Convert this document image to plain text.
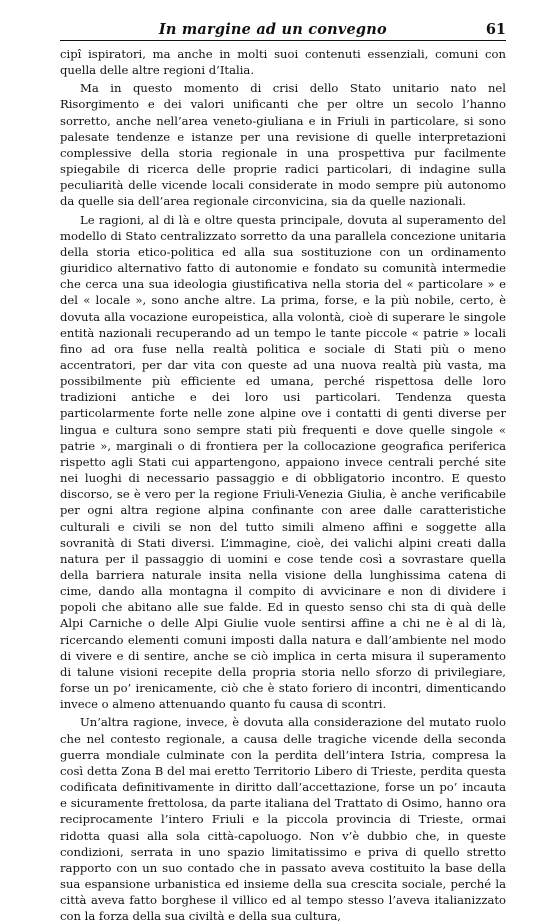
In margine ad un convegno	61

cipî ispiratori, ma anche in molti suoi contenuti essenziali, comuni con quella delle altre regioni d’Italia.

Ma in questo momento di crisi dello Stato unitario nato nel Risorgimento e dei valori unificanti che per oltre un secolo l’hanno sorretto, anche nell’area veneto-giuliana e in Friuli in particolare, si sono palesate tendenze e istanze per una revisione di quelle interpretazioni complessive della storia regionale in una prospettiva pur facilmente spiegabile di ricerca delle proprie radici particolari, di indagine sulla peculiarità delle vicende locali considerate in modo sempre più autonomo da quelle sia dell’area regionale circonvicina, sia da quelle nazionali.

Le ragioni, al di là e oltre questa principale, dovuta al superamento del modello di Stato centralizzato sorretto da una parallela concezione unitaria della storia etico-politica ed alla sua sostituzione con un ordinamento giuridico alternativo fatto di autonomie e fondato su comunità intermedie che cerca una sua ideologia giustificativa nella storia del « particolare » e del « locale », sono anche altre. La prima, forse, e la più nobile, certo, è dovuta alla vocazione europeistica, alla volontà, cioè di superare le singole entità nazionali recuperando ad un tempo le tante piccole « patrie » locali fino ad ora fuse nella realtà politica e sociale di Stati più o meno accentratori, per dar vita con queste ad una nuova realtà più vasta, ma possibilmente più efficiente ed umana, perché rispettosa delle loro tradizioni antiche e dei loro usi particolari. Tendenza questa particolarmente forte nelle zone alpine ove i contatti di genti diverse per lingua e cultura sono sempre stati più frequenti e dove quelle singole « patrie », marginali o di frontiera per la collocazione geografica periferica rispetto agli Stati cui appartengono, appaiono invece centrali perché site nei luoghi di necessario passaggio e di obbligatorio incontro. E questo discorso, se è vero per la regione Friuli-Venezia Giulia, è anche verificabile per ogni altra regione alpina confinante con aree dalle caratteristiche culturali e civili se non del tutto simili almeno affini e soggette alla sovranità di Stati diversi. L’immagine, cioè, dei valichi alpini creati dalla natura per il passaggio di uomini e cose tende così a sovrastare quella della barriera naturale insita nella visione della lunghissima catena di cime, dando alla montagna il compito di avvicinare e non di dividere i popoli che abitano alle sue falde. Ed in questo senso chi sta di quà delle Alpi Carniche o delle Alpi Giulie vuole sentirsi affine a chi ne è al di là, ricercando elementi comuni imposti dalla natura e dall’ambiente nel modo di vivere e di sentire, anche se ciò implica in certa misura il superamento di talune visioni recepite della propria storia nello sforzo di privilegiare, forse un po’ irenicamente, ciò che è stato foriero di incontri, dimenticando invece o almeno attenuando quanto fu causa di scontri.

Un’altra ragione, invece, è dovuta alla considerazione del mutato ruolo che nel contesto regionale, a causa delle tragiche vicende della seconda guerra mondiale culminate con la perdita dell’intera Istria, compresa la così detta Zona B del mai eretto Territorio Libero di Trieste, perdita questa codificata definitivamente in diritto dall’accettazione, forse un po’ incauta e sicuramente frettolosa, da parte italiana del Trattato di Osimo, hanno ora reciprocamente l’intero Friuli e la piccola provincia di Trieste, ormai ridotta quasi alla sola città-capoluogo. Non v’è dubbio che, in queste condizioni, serrata in uno spazio limitatissimo e priva di quello stretto rapporto con un suo contado che in passato aveva costituito la base della sua espansione urbanistica ed insieme della sua crescita sociale, perché la città aveva fatto borghese il villico ed al tempo stesso l’aveva italianizzato con la forza della sua civiltà e della sua cultura,
